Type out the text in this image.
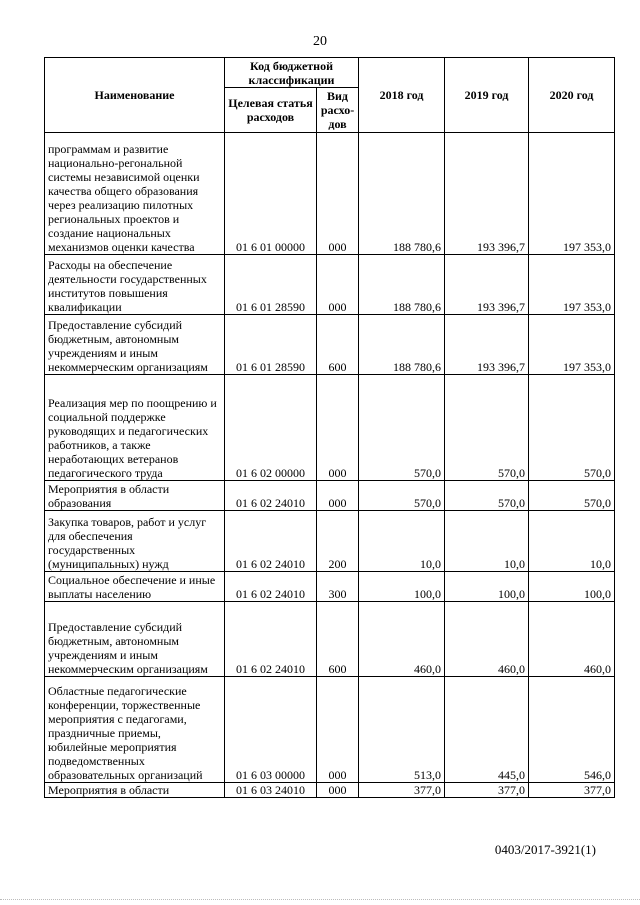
20
Наименование	Код бюджетной классификации		2018 год	2019 год	2020 год
	Целевая статья расходов	Вид расхо-дов			
программам и развитие национально-регональной системы независимой оценки качества общего образования через реализацию пилотных региональных проектов и создание национальных механизмов оценки качества	01 6 01 00000	000	188 780,6	193 396,7	197 353,0
Расходы на обеспечение деятельности государственных институтов повышения квалификации	01 6 01 28590	000	188 780,6	193 396,7	197 353,0
Предоставление субсидий бюджетным, автономным учреждениям и иным некоммерческим организациям	01 6 01 28590	600	188 780,6	193 396,7	197 353,0
Реализация мер по поощрению и социальной поддержке руководящих и педагогических работников, а также неработающих ветеранов педагогического труда	01 6 02 00000	000	570,0	570,0	570,0
Мероприятия в области образования	01 6 02 24010	000	570,0	570,0	570,0
Закупка товаров, работ и услуг для обеспечения государственных (муниципальных) нужд	01 6 02 24010	200	10,0	10,0	10,0
Социальное обеспечение и иные выплаты населению	01 6 02 24010	300	100,0	100,0	100,0
Предоставление субсидий бюджетным, автономным учреждениям и иным некоммерческим организациям	01 6 02 24010	600	460,0	460,0	460,0
Областные педагогические конференции, торжественные мероприятия с педагогами, праздничные приемы, юбилейные мероприятия подведомственных образовательных организаций	01 6 03 00000	000	513,0	445,0	546,0
Мероприятия в области	01 6 03 24010	000	377,0	377,0	377,0
0403/2017-3921(1)
